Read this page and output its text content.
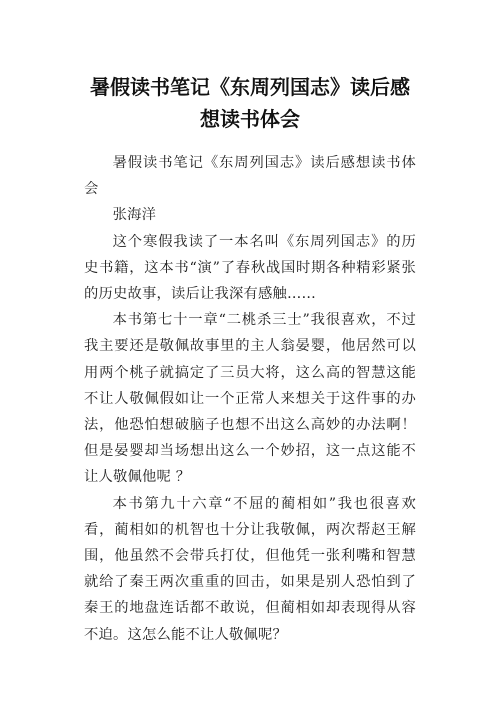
暑假读书笔记《东周列国志》读后感
想读书体会

暑假读书笔记《东周列国志》读后感想读书体会

张海洋

这个寒假我读了一本名叫《东周列国志》的历史书籍，这本书“演”了春秋战国时期各种精彩紧张的历史故事，读后让我深有感触……

本书第七十一章“二桃杀三士”我很喜欢，不过我主要还是敬佩故事里的主人翁晏婴，他居然可以用两个桃子就搞定了三员大将，这么高的智慧这能不让人敬佩假如让一个正常人来想关于这件事的办法，他恐怕想破脑子也想不出这么高妙的办法啊！但是晏婴却当场想出这么一个妙招，这一点这能不让人敬佩他呢 ？

本书第九十六章“不屈的蔺相如”我也很喜欢看，蔺相如的机智也十分让我敬佩，两次帮赵王解围，他虽然不会带兵打仗，但他凭一张利嘴和智慧就给了秦王两次重重的回击，如果是别人恐怕到了秦王的地盘连话都不敢说，但蔺相如却表现得从容不迫。这怎么能不让人敬佩呢？
